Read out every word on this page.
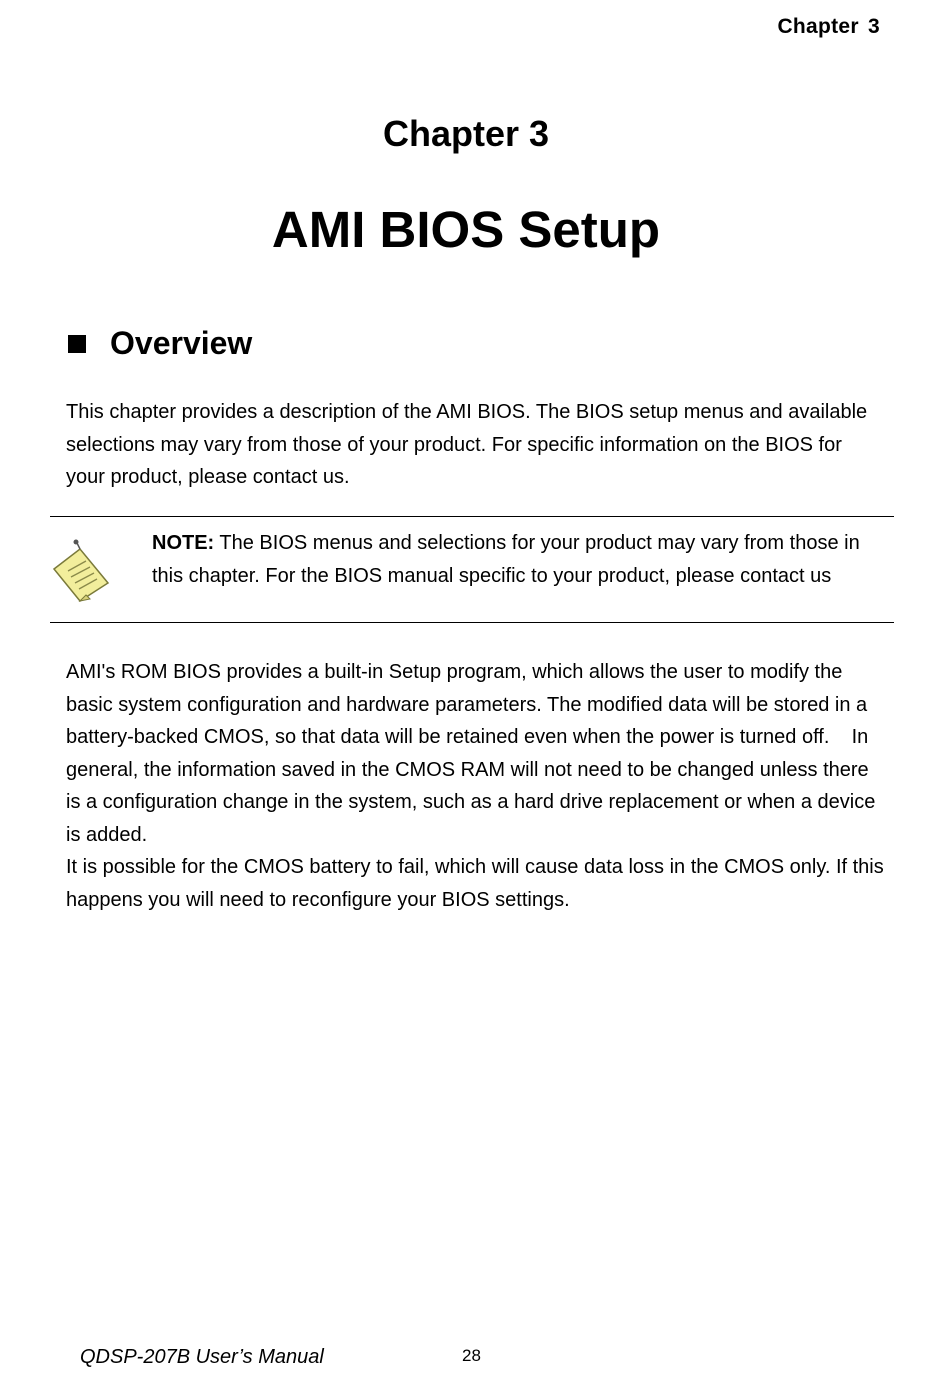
Chapter 3
Chapter 3
AMI BIOS Setup
Overview

This chapter provides a description of the AMI BIOS. The BIOS setup menus and available selections may vary from those of your product. For specific information on the BIOS for your product, please contact us.

NOTE: The BIOS menus and selections for your product may vary from those in this chapter. For the BIOS manual specific to your product, please contact us

AMI's ROM BIOS provides a built-in Setup program, which allows the user to modify the basic system configuration and hardware parameters. The modified data will be stored in a battery-backed CMOS, so that data will be retained even when the power is turned off.    In general, the information saved in the CMOS RAM will not need to be changed unless there is a configuration change in the system, such as a hard drive replacement or when a device is added.

It is possible for the CMOS battery to fail, which will cause data loss in the CMOS only. If this happens you will need to reconfigure your BIOS settings.

QDSP-207B User’s Manual	28
